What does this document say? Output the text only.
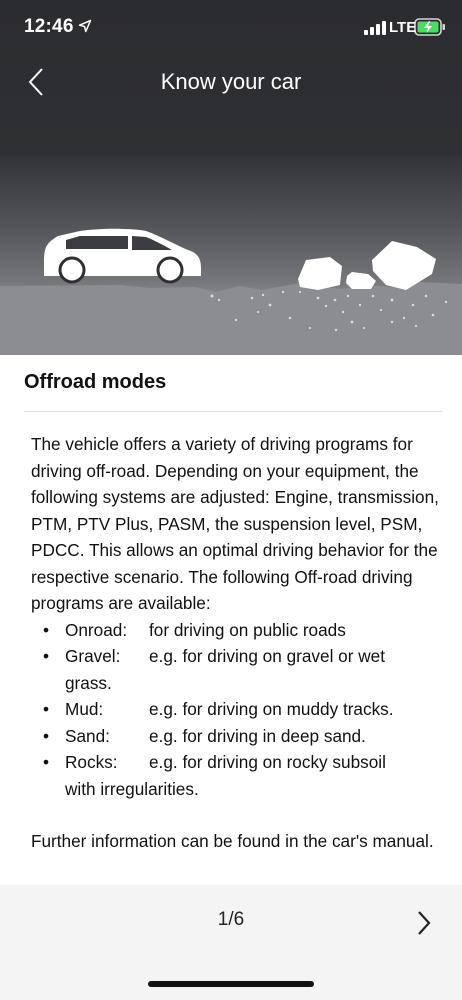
12:46	LTE
Know your car
Offroad modes

The vehicle offers a variety of driving programs for driving off-road. Depending on your equipment, the following systems are adjusted: Engine, transmission, PTM, PTV Plus, PASM, the suspension level, PSM, PDCC. This allows an optimal driving behavior for the respective scenario. The following Off-road driving programs are available:

• Onroad:	for driving on public roads
• Gravel:	e.g. for driving on gravel or wet
grass.
• Mud:	e.g. for driving on muddy tracks.
• Sand:	e.g. for driving in deep sand.
• Rocks:	e.g. for driving on rocky subsoil
with irregularities.

Further information can be found in the car's manual.

1/6
